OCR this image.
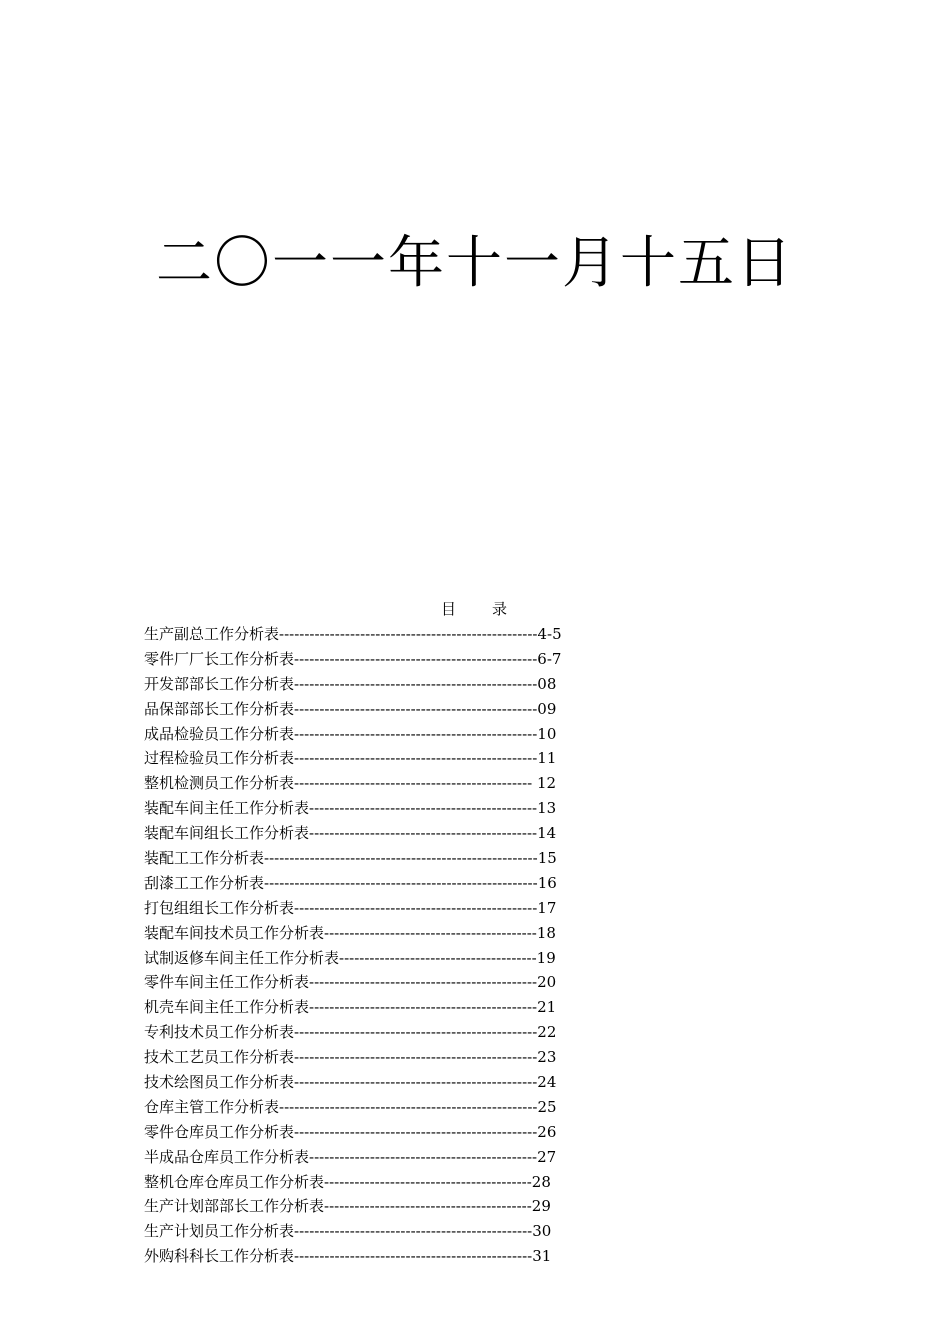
二〇一一年十一月十五日
目　　录
生产副总工作分析表---------------------------------------------------4-5
零件厂厂长工作分析表------------------------------------------------6-7
开发部部长工作分析表------------------------------------------------08
品保部部长工作分析表------------------------------------------------09
成品检验员工作分析表------------------------------------------------10
过程检验员工作分析表------------------------------------------------11
整机检测员工作分析表----------------------------------------------- 12
装配车间主任工作分析表---------------------------------------------13
装配车间组长工作分析表---------------------------------------------14
装配工工作分析表------------------------------------------------------15
刮漆工工作分析表------------------------------------------------------16
打包组组长工作分析表------------------------------------------------17
装配车间技术员工作分析表------------------------------------------18
试制返修车间主任工作分析表---------------------------------------19
零件车间主任工作分析表---------------------------------------------20
机壳车间主任工作分析表---------------------------------------------21
专利技术员工作分析表------------------------------------------------22
技术工艺员工作分析表------------------------------------------------23
技术绘图员工作分析表------------------------------------------------24
仓库主管工作分析表---------------------------------------------------25
零件仓库员工作分析表------------------------------------------------26
半成品仓库员工作分析表---------------------------------------------27
整机仓库仓库员工作分析表-----------------------------------------28
生产计划部部长工作分析表-----------------------------------------29
生产计划员工作分析表-----------------------------------------------30
外购科科长工作分析表-----------------------------------------------31
